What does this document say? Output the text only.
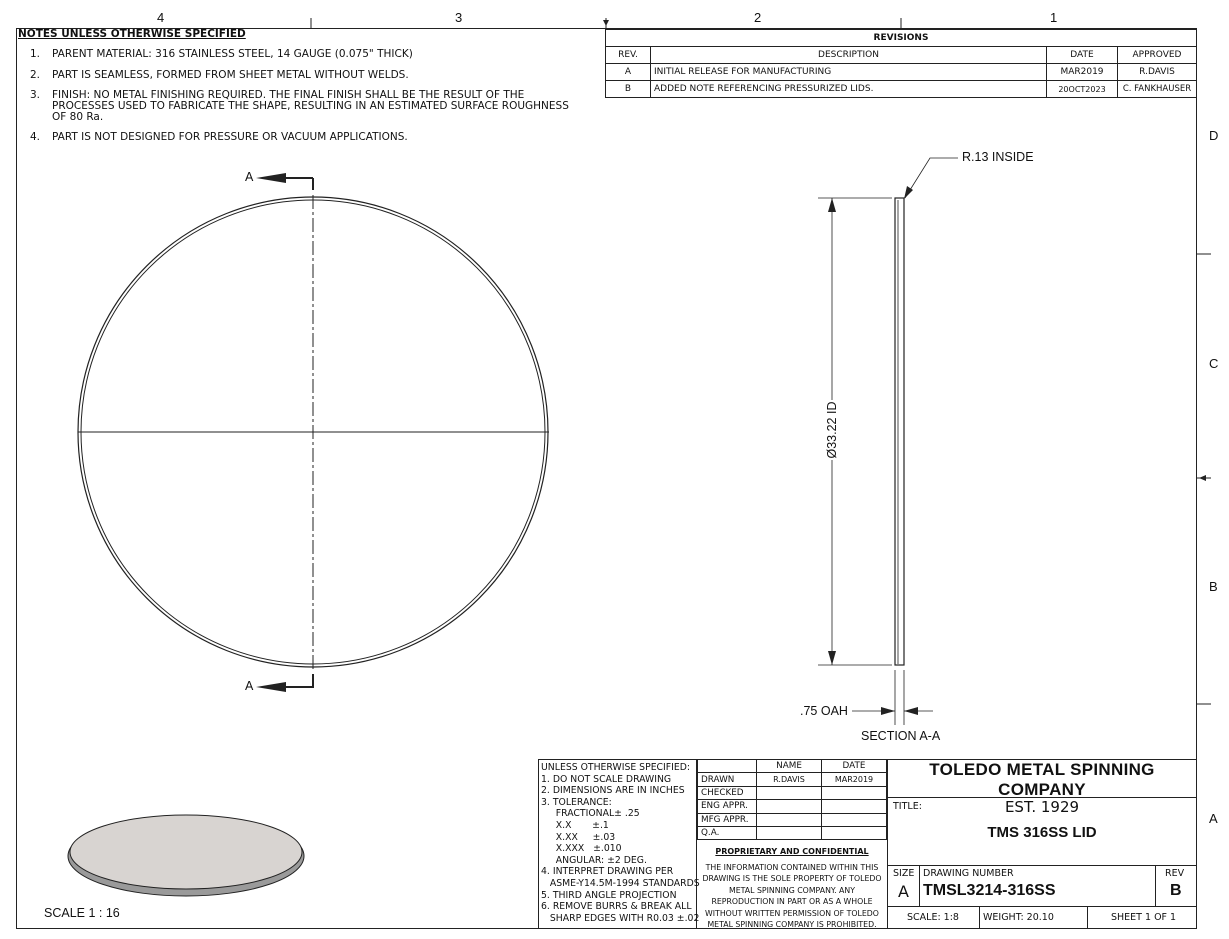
4	3	2	1
D
C
B
A
NOTES UNLESS OTHERWISE SPECIFIED
1. PARENT MATERIAL: 316 STAINLESS STEEL, 14 GAUGE (0.075" THICK)
2. PART IS SEAMLESS, FORMED FROM SHEET METAL WITHOUT WELDS.
3. FINISH: NO METAL FINISHING REQUIRED. THE FINAL FINISH SHALL BE THE RESULT OF THE PROCESSES USED TO FABRICATE THE SHAPE, RESULTING IN AN ESTIMATED SURFACE ROUGHNESS OF 80 Ra.
4. PART IS NOT DESIGNED FOR PRESSURE OR VACUUM APPLICATIONS.
REVISIONS			
REV.	DESCRIPTION	DATE	APPROVED
A	INITIAL RELEASE FOR MANUFACTURING	MAR2019	R.DAVIS
B	ADDED NOTE REFERENCING PRESSURIZED LIDS.	20OCT2023	C. FANKHAUSER
A
A
R.13 INSIDE
Ø33.22 ID
.75 OAH
SECTION A-A
SCALE 1 : 16
UNLESS OTHERWISE SPECIFIED:
1. DO NOT SCALE DRAWING
2. DIMENSIONS ARE IN INCHES
3. TOLERANCE:
FRACTIONAL± .25
X.X       ±.1
X.XX     ±.03
X.XXX   ±.010
ANGULAR: ±2 DEG.
4. INTERPRET DRAWING PER
ASME-Y14.5M-1994 STANDARDS
5. THIRD ANGLE PROJECTION
6. REMOVE BURRS & BREAK ALL
SHARP EDGES WITH R0.03 ±.02
	NAME	DATE
DRAWN	R.DAVIS	MAR2019
CHECKED		
ENG APPR.		
MFG APPR.		
Q.A.		
PROPRIETARY AND CONFIDENTIAL
THE INFORMATION CONTAINED WITHIN THIS DRAWING IS THE SOLE PROPERTY OF TOLEDO METAL SPINNING COMPANY. ANY REPRODUCTION IN PART OR AS A WHOLE WITHOUT WRITTEN PERMISSION OF TOLEDO METAL SPINNING COMPANY IS PROHIBITED.
TOLEDO METAL SPINNING COMPANY
EST. 1929
TITLE:
TMS 316SS LID
SIZE
A
DRAWING NUMBER
TMSL3214-316SS
REV
B
SCALE: 1:8	WEIGHT: 20.10	SHEET 1 OF 1
